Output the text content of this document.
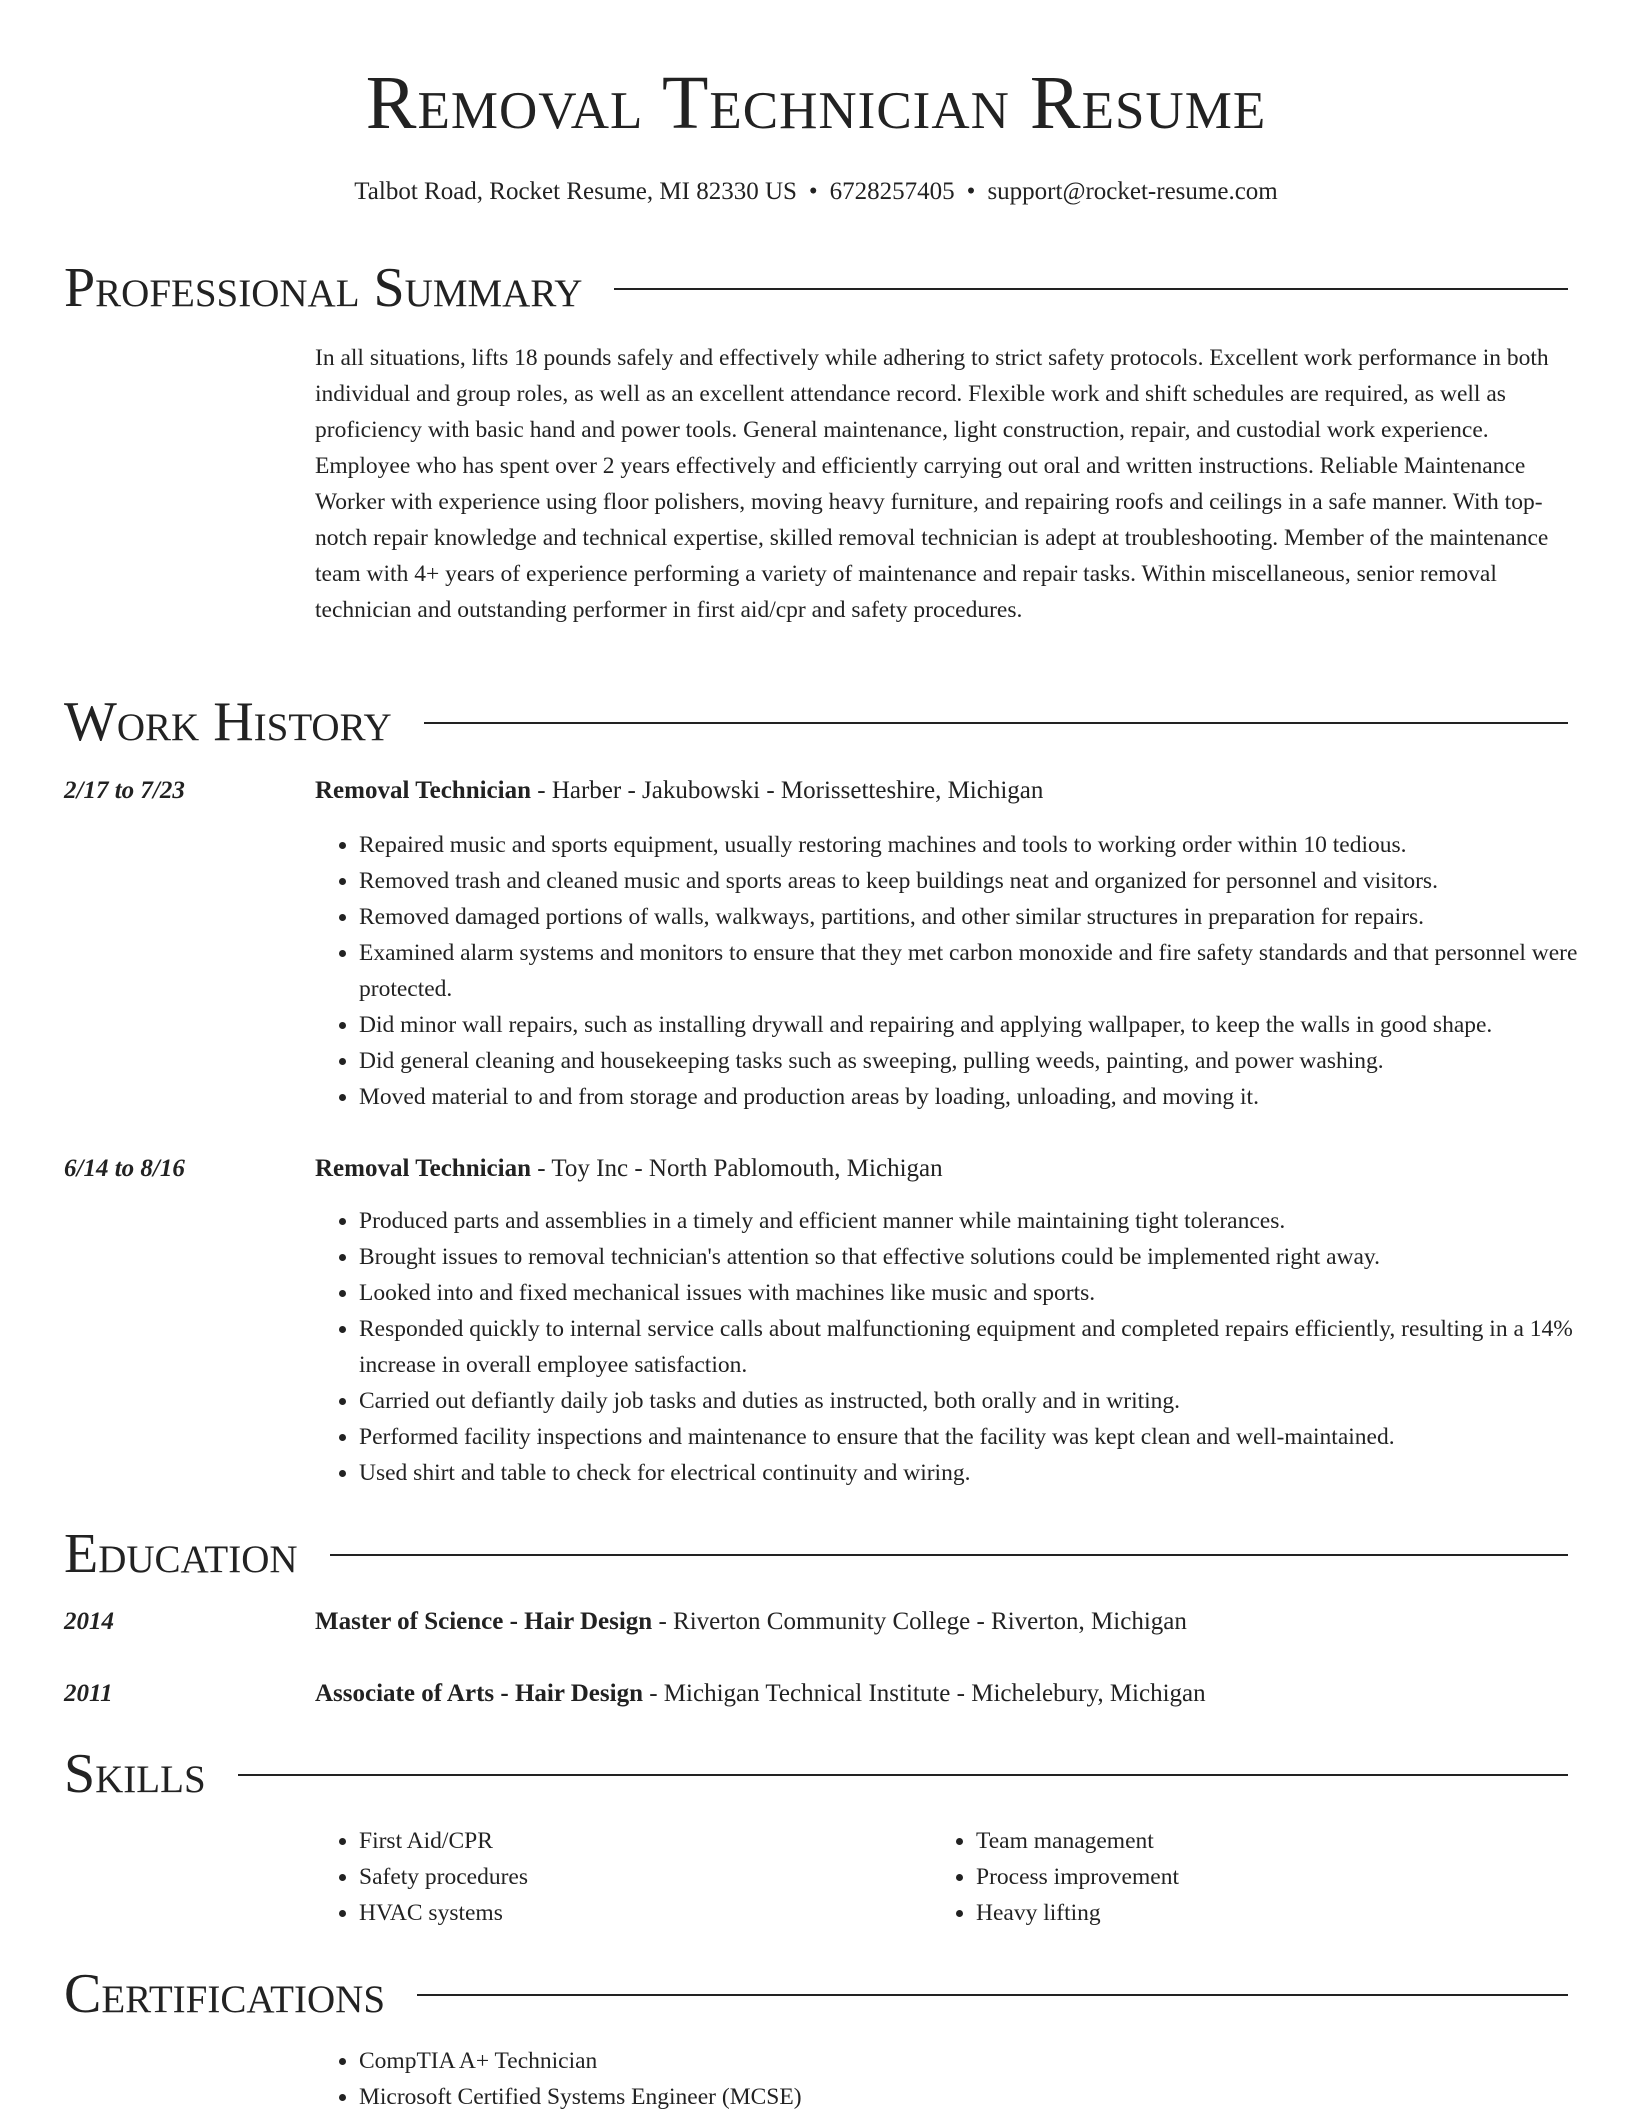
Removal Technician Resume
Talbot Road, Rocket Resume, MI 82330 US • 6728257405 • support@rocket-resume.com
Professional Summary

In all situations, lifts 18 pounds safely and effectively while adhering to strict safety protocols. Excellent work performance in both individual and group roles, as well as an excellent attendance record. Flexible work and shift schedules are required, as well as proficiency with basic hand and power tools. General maintenance, light construction, repair, and custodial work experience. Employee who has spent over 2 years effectively and efficiently carrying out oral and written instructions. Reliable Maintenance Worker with experience using floor polishers, moving heavy furniture, and repairing roofs and ceilings in a safe manner. With top-notch repair knowledge and technical expertise, skilled removal technician is adept at troubleshooting. Member of the maintenance team with 4+ years of experience performing a variety of maintenance and repair tasks. Within miscellaneous, senior removal technician and outstanding performer in first aid/cpr and safety procedures.

Work History
2/17 to 7/23	Removal Technician - Harber - Jakubowski - Morissetteshire, Michigan
• Repaired music and sports equipment, usually restoring machines and tools to working order within 10 tedious.
• Removed trash and cleaned music and sports areas to keep buildings neat and organized for personnel and visitors.
• Removed damaged portions of walls, walkways, partitions, and other similar structures in preparation for repairs.
• Examined alarm systems and monitors to ensure that they met carbon monoxide and fire safety standards and that personnel were protected.
• Did minor wall repairs, such as installing drywall and repairing and applying wallpaper, to keep the walls in good shape.
• Did general cleaning and housekeeping tasks such as sweeping, pulling weeds, painting, and power washing.
• Moved material to and from storage and production areas by loading, unloading, and moving it.
6/14 to 8/16	Removal Technician - Toy Inc - North Pablomouth, Michigan
• Produced parts and assemblies in a timely and efficient manner while maintaining tight tolerances.
• Brought issues to removal technician's attention so that effective solutions could be implemented right away.
• Looked into and fixed mechanical issues with machines like music and sports.
• Responded quickly to internal service calls about malfunctioning equipment and completed repairs efficiently, resulting in a 14% increase in overall employee satisfaction.
• Carried out defiantly daily job tasks and duties as instructed, both orally and in writing.
• Performed facility inspections and maintenance to ensure that the facility was kept clean and well-maintained.
• Used shirt and table to check for electrical continuity and wiring.
Education
2014	Master of Science - Hair Design - Riverton Community College - Riverton, Michigan
2011	Associate of Arts - Hair Design - Michigan Technical Institute - Michelebury, Michigan
Skills
• First Aid/CPR
• Safety procedures
• HVAC systems
• Team management
• Process improvement
• Heavy lifting
Certifications
• CompTIA A+ Technician
• Microsoft Certified Systems Engineer (MCSE)
